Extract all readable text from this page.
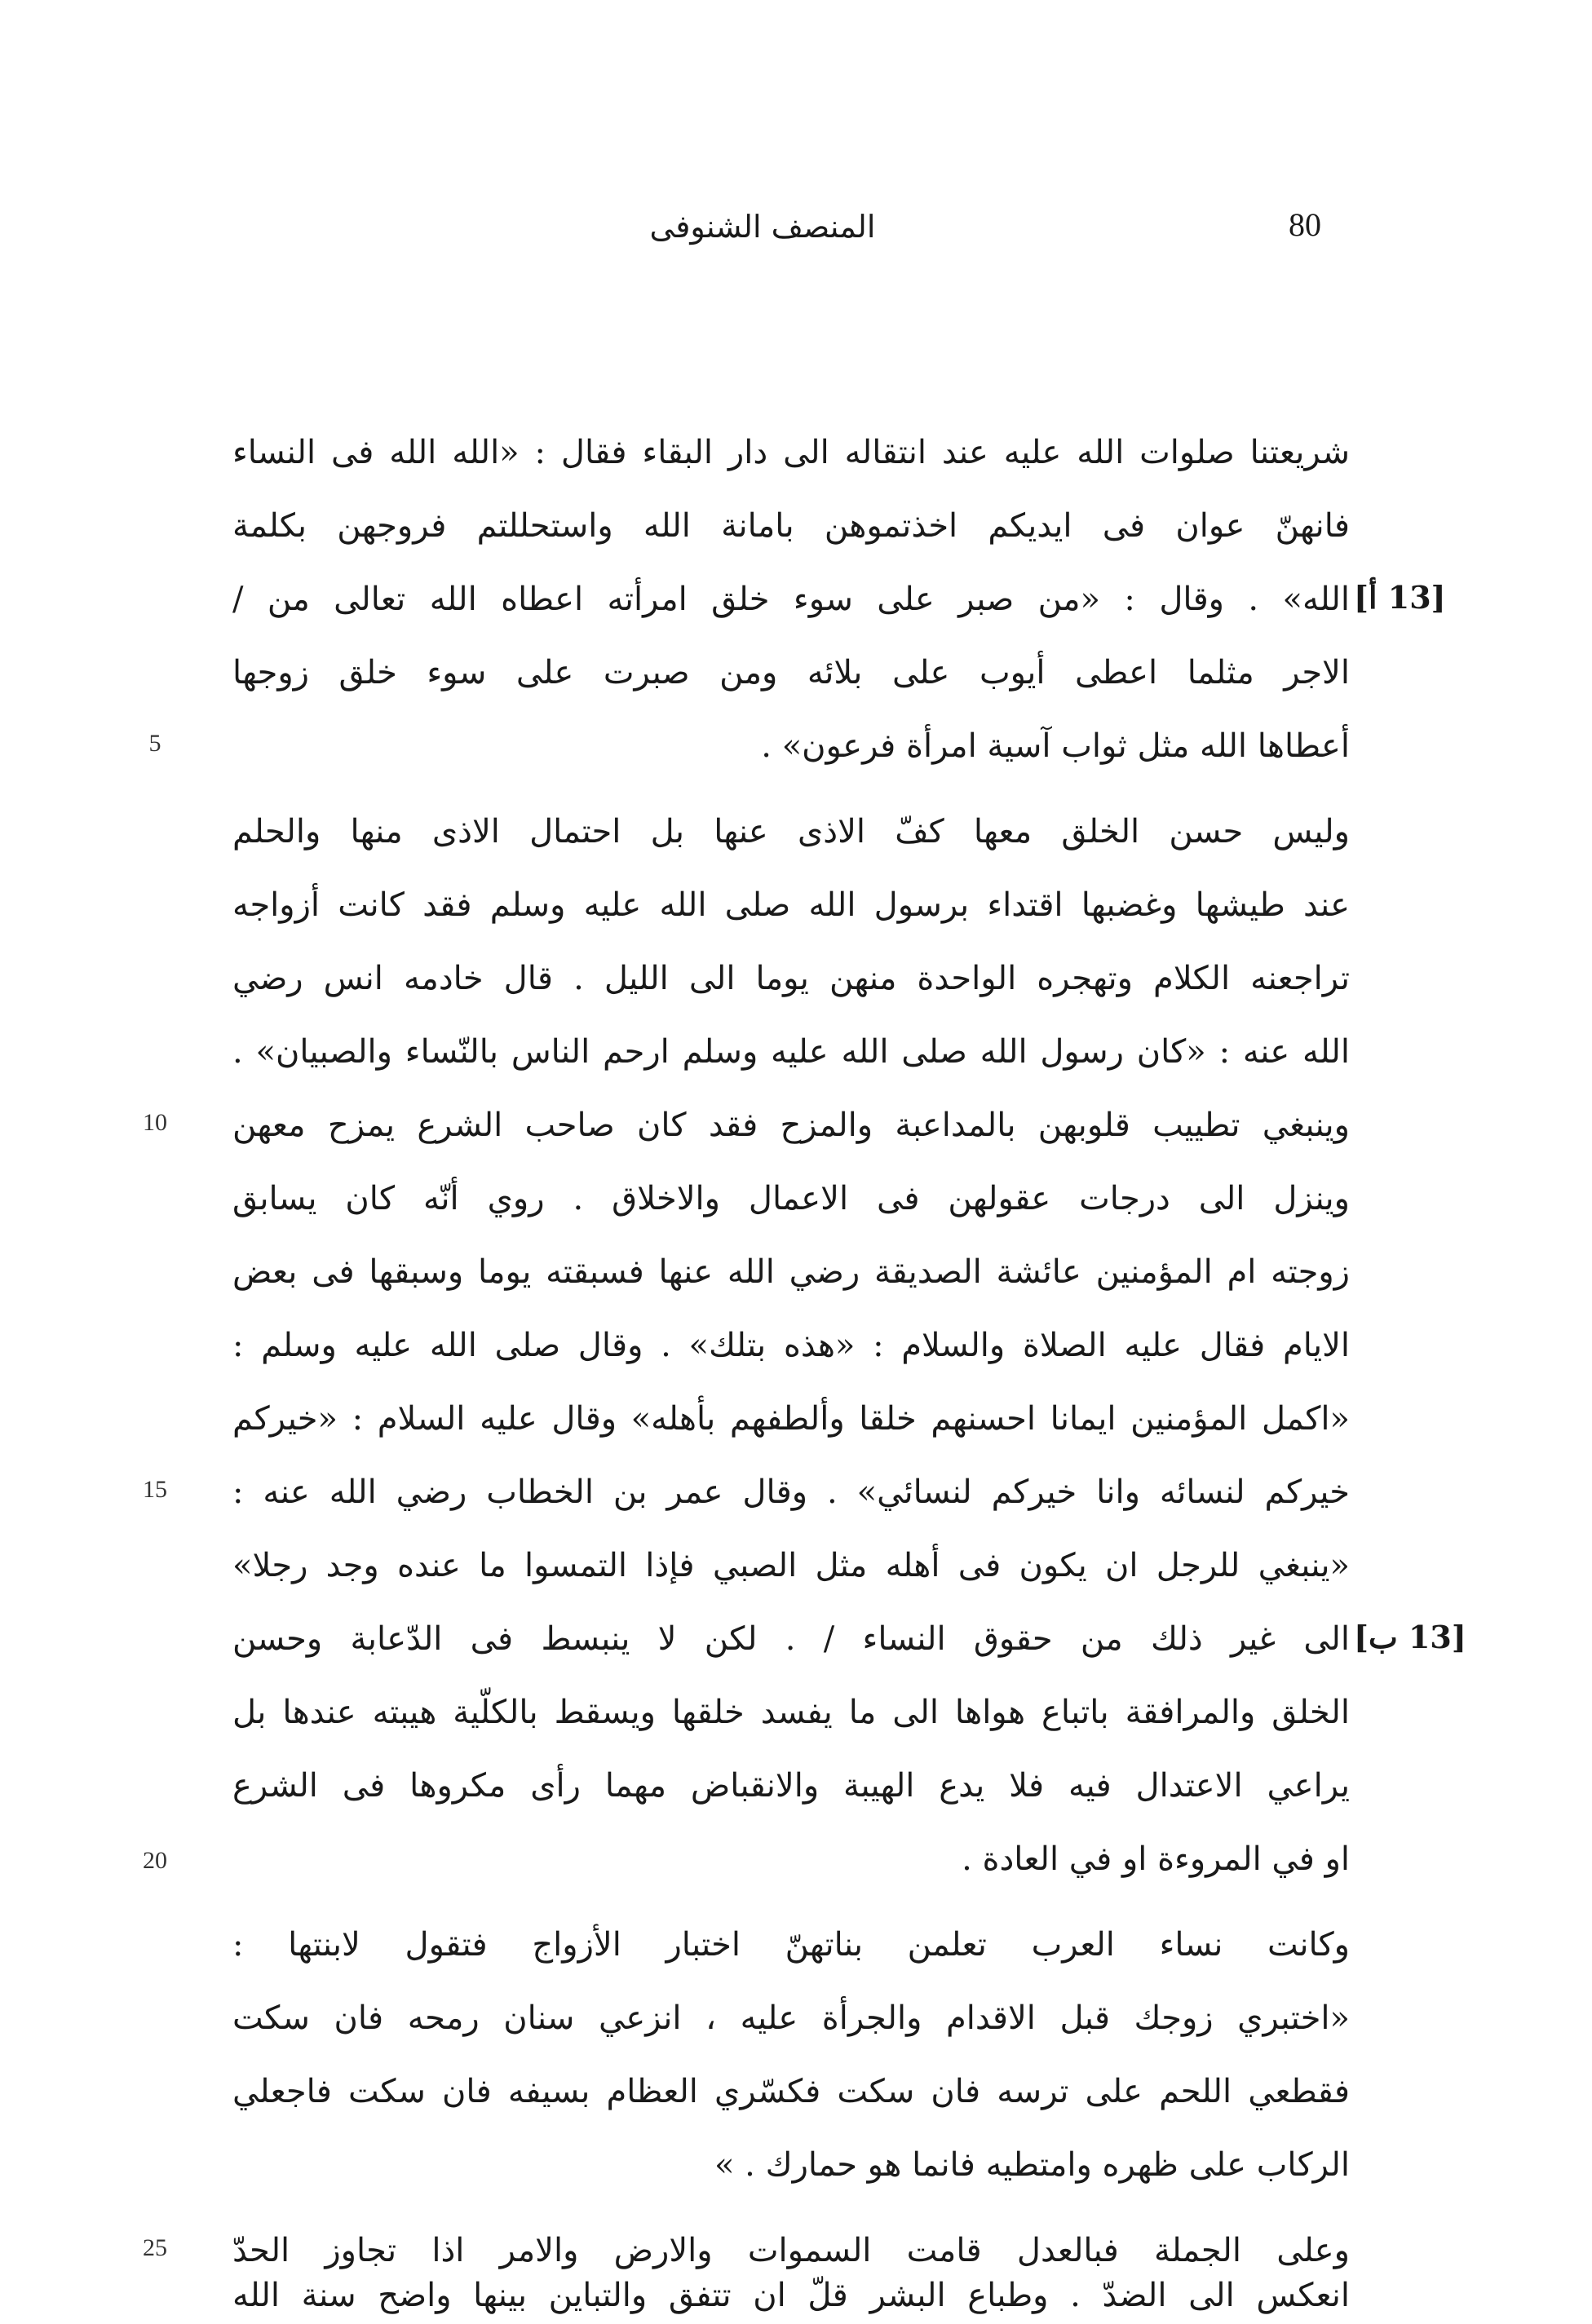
80
المنصف الشنوفى
شريعتنا صلوات الله عليه عند انتقاله الى دار البقاء فقال : «الله الله فى النساء
فانهنّ عوان فى ايديكم اخذتموهن بامانة الله واستحللتم فروجهن بكلمة
الله» . وقال : «من صبر على سوء خلق امرأته اعطاه الله تعالى من /
الاجر مثلما اعطى أيوب على بلائه ومن صبرت على سوء خلق زوجها
أعطاها الله مثل ثواب آسية امرأة فرعون» .
وليس حسن الخلق معها كفّ الاذى عنها بل احتمال الاذى منها والحلم
عند طيشها وغضبها اقتداء برسول الله صلى الله عليه وسلم فقد كانت أزواجه
تراجعنه الكلام وتهجره الواحدة منهن يوما الى الليل . قال خادمه انس رضي
الله عنه : «كان رسول الله صلى الله عليه وسلم ارحم الناس بالنّساء والصبيان» .
وينبغي تطييب قلوبهن بالمداعبة والمزح فقد كان صاحب الشرع يمزح معهن
وينزل الى درجات عقولهن فى الاعمال والاخلاق . روي أنّه كان يسابق
زوجته ام المؤمنين عائشة الصديقة رضي الله عنها فسبقته يوما وسبقها فى بعض
الايام فقال عليه الصلاة والسلام : «هذه بتلك» . وقال صلى الله عليه وسلم :
«اكمل المؤمنين ايمانا احسنهم خلقا وألطفهم بأهله» وقال عليه السلام : «خيركم
خيركم لنسائه وانا خيركم لنسائي» . وقال عمر بن الخطاب رضي الله عنه :
«ينبغي للرجل ان يكون فى أهله مثل الصبي فإذا التمسوا ما عنده وجد رجلا»
الى غير ذلك من حقوق النساء / . لكن لا ينبسط فى الدّعابة وحسن
الخلق والمرافقة باتباع هواها الى ما يفسد خلقها ويسقط بالكلّية هيبته عندها بل
يراعي الاعتدال فيه فلا يدع الهيبة والانقباض مهما رأى مكروها فى الشرع
او في المروءة او في العادة .
وكانت نساء العرب تعلمن بناتهنّ اختبار الأزواج فتقول لابنتها :
«اختبري زوجك قبل الاقدام والجرأة عليه ، انزعي سنان رمحه فان سكت
فقطعي اللحم على ترسه فان سكت فكسّري العظام بسيفه فان سكت فاجعلي
الركاب على ظهره وامتطيه فانما هو حمارك . »
وعلى الجملة فبالعدل قامت السموات والارض والامر اذا تجاوز الحدّ
انعكس الى الضدّ . وطباع البشر قلّ ان تتفق والتباين بينها واضح سنة الله
[13 أ]
[13 ب]
5
10
15
20
25
